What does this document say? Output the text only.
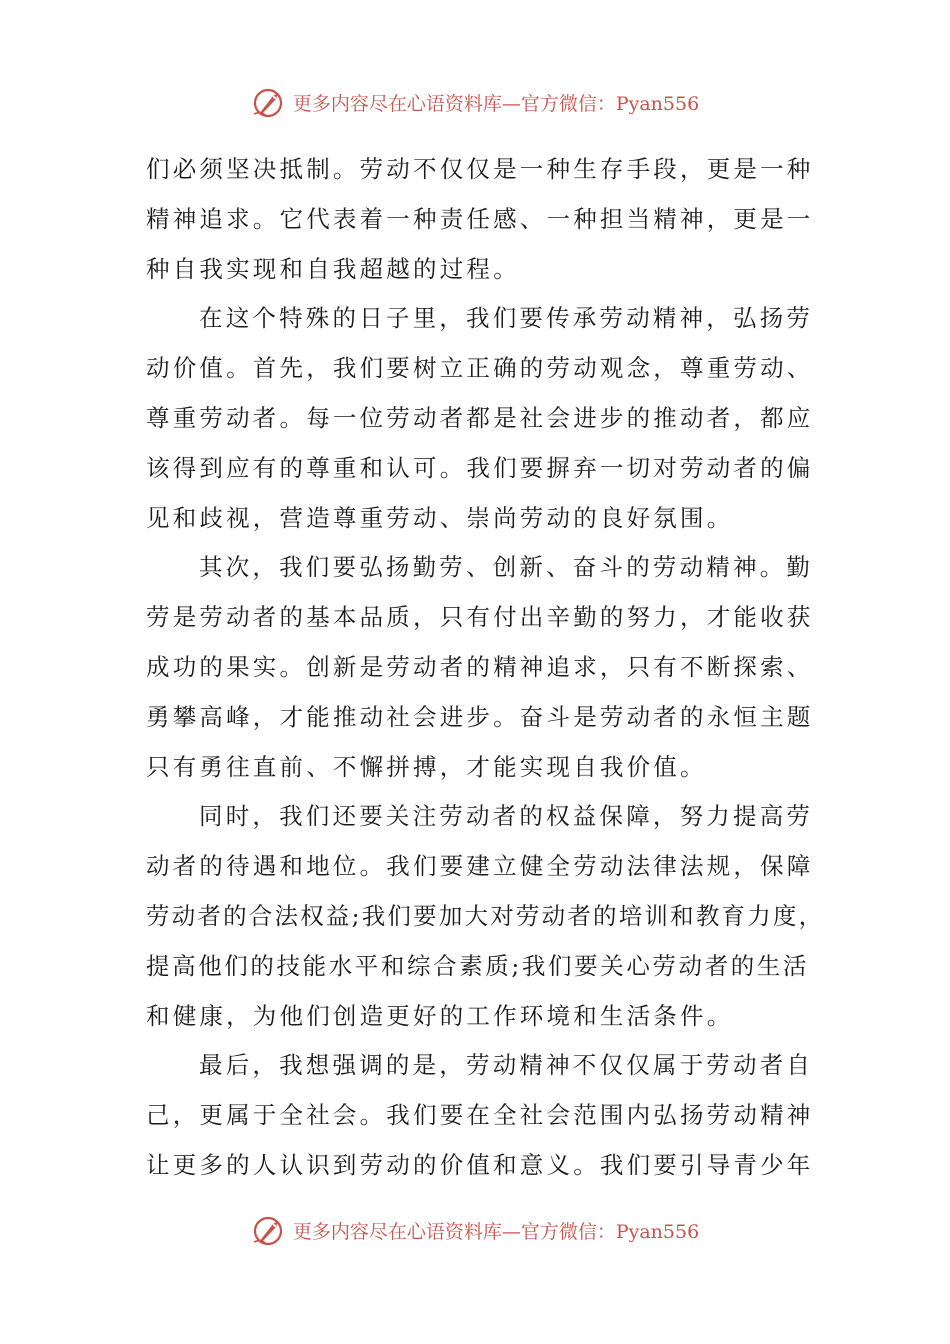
更多内容尽在心语资料库—官方微信：Pyan556
们必须坚决抵制。劳动不仅仅是一种生存手段，更是一种
精神追求。它代表着一种责任感、一种担当精神，更是一
种自我实现和自我超越的过程。
在这个特殊的日子里，我们要传承劳动精神，弘扬劳
动价值。首先，我们要树立正确的劳动观念，尊重劳动、
尊重劳动者。每一位劳动者都是社会进步的推动者，都应
该得到应有的尊重和认可。我们要摒弃一切对劳动者的偏
见和歧视，营造尊重劳动、崇尚劳动的良好氛围。
其次，我们要弘扬勤劳、创新、奋斗的劳动精神。勤
劳是劳动者的基本品质，只有付出辛勤的努力，才能收获
成功的果实。创新是劳动者的精神追求，只有不断探索、
勇攀高峰，才能推动社会进步。奋斗是劳动者的永恒主题
只有勇往直前、不懈拼搏，才能实现自我价值。
同时，我们还要关注劳动者的权益保障，努力提高劳
动者的待遇和地位。我们要建立健全劳动法律法规，保障
劳动者的合法权益;我们要加大对劳动者的培训和教育力度，
提高他们的技能水平和综合素质;我们要关心劳动者的生活
和健康，为他们创造更好的工作环境和生活条件。
最后，我想强调的是，劳动精神不仅仅属于劳动者自
己，更属于全社会。我们要在全社会范围内弘扬劳动精神
让更多的人认识到劳动的价值和意义。我们要引导青少年
更多内容尽在心语资料库—官方微信：Pyan556
